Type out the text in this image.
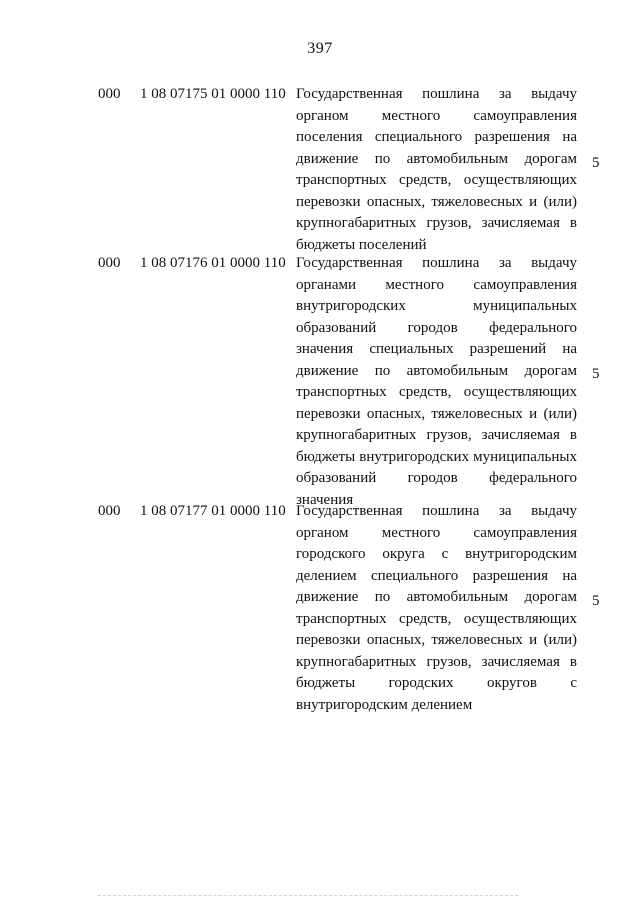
397
000 1 08 07175 01 0000 110 Государственная пошлина за выдачу
органом местного самоуправления
поселения специального разрешения на
движение по автомобильным дорогам
транспортных средств, осуществляющих
перевозки опасных, тяжеловесных и (или)
крупногабаритных грузов, зачисляемая в
бюджеты поселений
5
000 1 08 07176 01 0000 110 Государственная пошлина за выдачу
органами местного самоуправления
внутригородских муниципальных
образований городов федерального
значения специальных разрешений на
движение по автомобильным дорогам
транспортных средств, осуществляющих
перевозки опасных, тяжеловесных и (или)
крупногабаритных грузов, зачисляемая в
бюджеты внутригородских муниципальных
образований городов федерального
значения
5
000 1 08 07177 01 0000 110 Государственная пошлина за выдачу
органом местного самоуправления
городского округа с внутригородским
делением специального разрешения на
движение по автомобильным дорогам
транспортных средств, осуществляющих
перевозки опасных, тяжеловесных и (или)
крупногабаритных грузов, зачисляемая в
бюджеты городских округов с
внутригородским делением
5
